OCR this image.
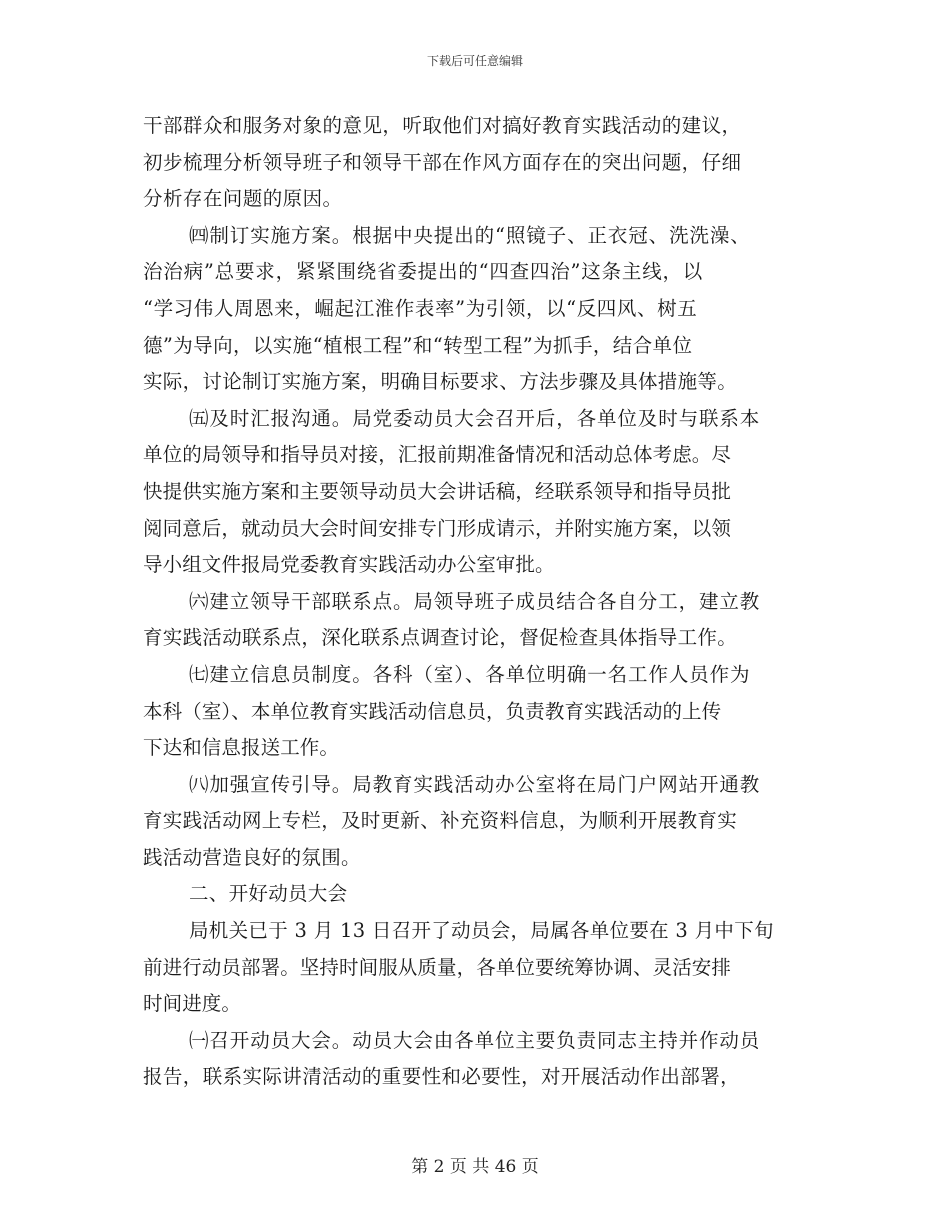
下载后可任意编辑
干部群众和服务对象的意见，听取他们对搞好教育实践活动的建议，
初步梳理分析领导班子和领导干部在作风方面存在的突出问题，仔细
分析存在问题的原因。
㈣制订实施方案。根据中央提出的“照镜子、正衣冠、洗洗澡、
治治病”总要求，紧紧围绕省委提出的“四查四治”这条主线，以
“学习伟人周恩来，崛起江淮作表率”为引领，以“反四风、树五
德”为导向，以实施“植根工程”和“转型工程”为抓手，结合单位
实际，讨论制订实施方案，明确目标要求、方法步骤及具体措施等。
㈤及时汇报沟通。局党委动员大会召开后，各单位及时与联系本
单位的局领导和指导员对接，汇报前期准备情况和活动总体考虑。尽
快提供实施方案和主要领导动员大会讲话稿，经联系领导和指导员批
阅同意后，就动员大会时间安排专门形成请示，并附实施方案，以领
导小组文件报局党委教育实践活动办公室审批。
㈥建立领导干部联系点。局领导班子成员结合各自分工，建立教
育实践活动联系点，深化联系点调查讨论，督促检查具体指导工作。
㈦建立信息员制度。各科（室）、各单位明确一名工作人员作为
本科（室）、本单位教育实践活动信息员，负责教育实践活动的上传
下达和信息报送工作。
㈧加强宣传引导。局教育实践活动办公室将在局门户网站开通教
育实践活动网上专栏，及时更新、补充资料信息，为顺利开展教育实
践活动营造良好的氛围。
二、开好动员大会
局机关已于 3 月 13 日召开了动员会，局属各单位要在 3 月中下旬
前进行动员部署。坚持时间服从质量，各单位要统筹协调、灵活安排
时间进度。
㈠召开动员大会。动员大会由各单位主要负责同志主持并作动员
报告，联系实际讲清活动的重要性和必要性，对开展活动作出部署，
第 2 页 共 46 页
